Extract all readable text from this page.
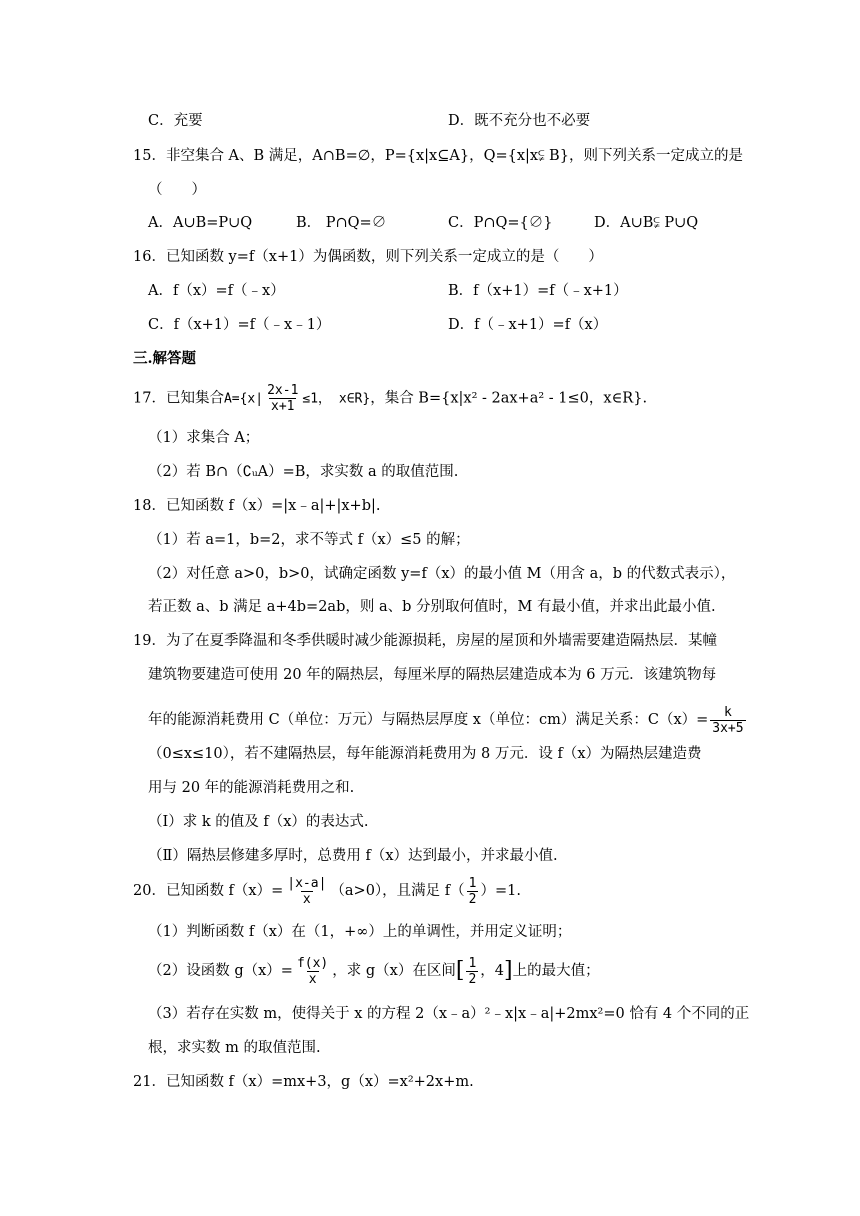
C．充要	D．既不充分也不必要
15．非空集合 A、B 满足，A∩B=∅，P={x|x⊆A}，Q={x|x⫋ B}，则下列关系一定成立的是
（　　）
A．A∪B=P∪Q	B． P∩Q=∅	C．P∩Q={∅}	D．A∪B⫋ P∪Q
16．已知函数 y=f（x+1）为偶函数，则下列关系一定成立的是（　　）
A．f（x）=f（﹣x）	B．f（x+1）=f（﹣x+1）
C．f（x+1）=f（﹣x﹣1）	D．f（﹣x+1）=f（x）
三.解答题
17．已知集合$A=\{x| \frac{2x-1}{x+1} \le 1$， x∈R}，集合 B={x|x² - 2ax+a² - 1≤0，x∈R}.
（1）求集合 A；
（2）若 B∩（∁ᵤA）=B，求实数 a 的取值范围.
18．已知函数 f（x）=|x﹣a|+|x+b|.
（1）若 a=1，b=2，求不等式 f（x）≤5 的解；
（2）对任意 a>0，b>0，试确定函数 y=f（x）的最小值 M（用含 a，b 的代数式表示），
若正数 a、b 满足 a+4b=2ab，则 a、b 分别取何值时，M 有最小值，并求出此最小值.
19．为了在夏季降温和冬季供暖时减少能源损耗，房屋的屋顶和外墙需要建造隔热层．某幢
建筑物要建造可使用 20 年的隔热层，每厘米厚的隔热层建造成本为 6 万元．该建筑物每
年的能源消耗费用 C（单位：万元）与隔热层厚度 x（单位：cm）满足关系：$C(x)= \frac{k}{3x+5}$
（0≤x≤10），若不建隔热层，每年能源消耗费用为 8 万元．设 f（x）为隔热层建造费
用与 20 年的能源消耗费用之和.
（Ⅰ）求 k 的值及 f（x）的表达式.
（Ⅱ）隔热层修建多厚时，总费用 f（x）达到最小，并求最小值.
20．已知函数 $f(x)= \frac{|x-a|}{x} (a>0)$，且满足 $f( \frac{1}{2} )=1$.
（1）判断函数 f（x）在（1，+∞）上的单调性，并用定义证明；
（2）设函数 $g(x)= \frac{f(x)}{x}$ ，求 g（x）在区间[ $\frac{1}{2}$ ，4]上的最大值；
（3）若存在实数 m，使得关于 x 的方程 2（x﹣a）²﹣x|x﹣a|+2mx²=0 恰有 4 个不同的正
根，求实数 m 的取值范围.
21．已知函数 f（x）=mx+3，g（x）=x²+2x+m.
